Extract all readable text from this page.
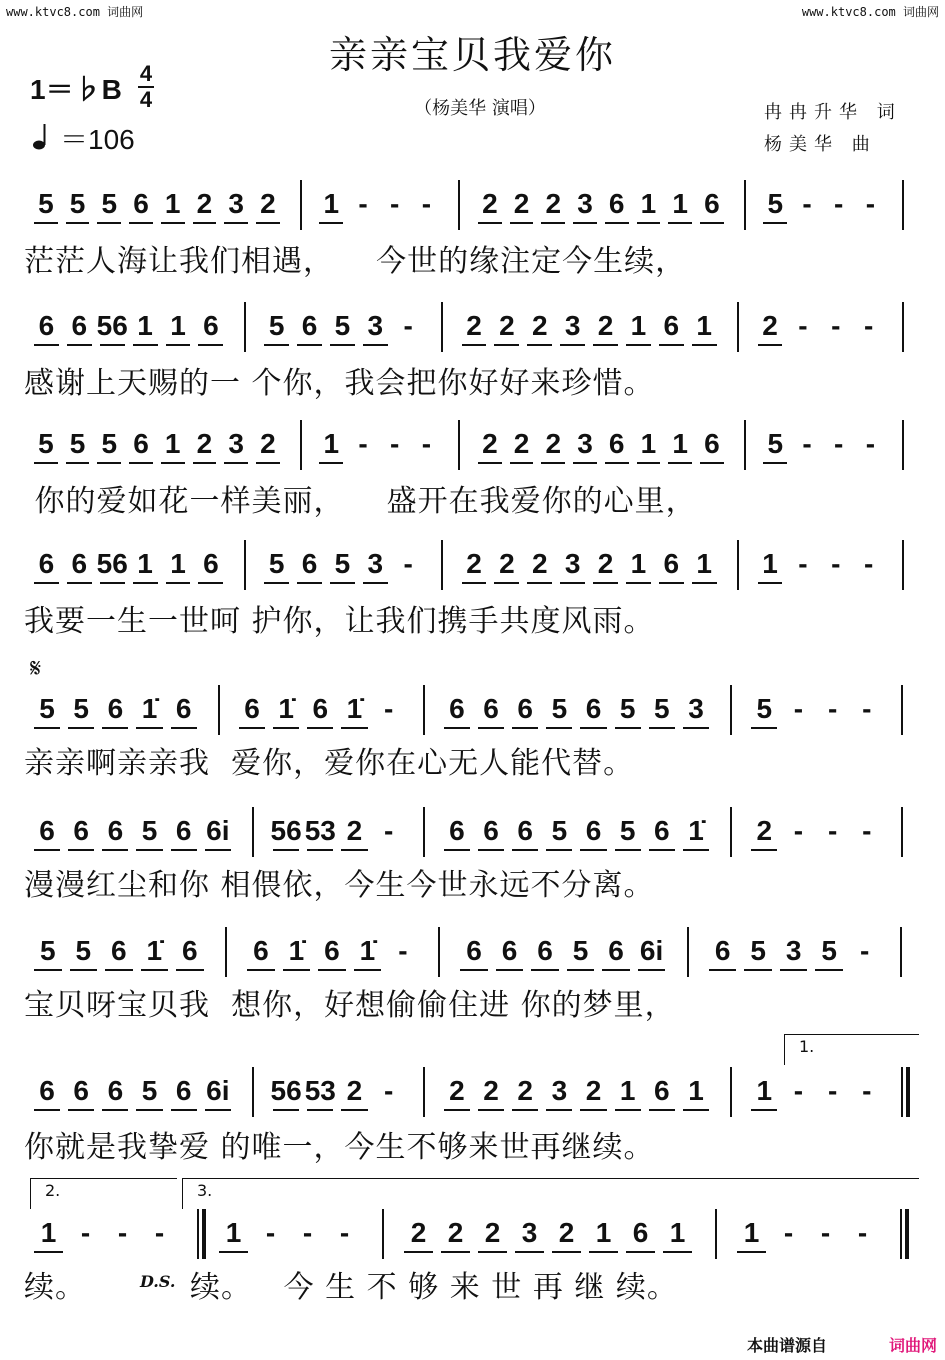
www.ktvc8.com 词曲网	www.ktvc8.com 词曲网
亲亲宝贝我爱你
（杨美华 演唱）	冉冉升华 词
杨美华 曲
1＝♭B
4
4
＝106
5 5 5 6 1 2 3 2 1 - - -	2 2 2 3 6 1 1 6 5 - - -
茫茫人海让我们相遇，    今世的缘注定今生续，
6 6 56 1 1 6	5 6 5 3 -	2 2 2 3 2 1 6 1	2 - - -
感谢上天赐的一 个你，我会把你好好来珍惜。
5 5 5 6 1 2 3 2 1 - - -	2 2 2 3 6 1 1 6 5 - - -
你的爱如花一样美丽，    盛开在我爱你的心里，
6 6 56 1 1 6	5 6 5 3 -	2 2 2 3 2 1 6 1	1 - - -
我要一生一世呵 护你，让我们携手共度风雨。
5 5 6 1̇ 6	6 1̇ 6 1̇ -	6 6 6 5 6 5 5 3	5 - - -
亲亲啊亲亲我  爱你，爱你在心无人能代替。
6 6 6 5 6 6i 56 53 2 -	6 6 6 5 6 5 6 1̇	2 - - -
漫漫红尘和你 相偎依，今生今世永远不分离。
5 5 6 1̇ 6	6 1̇ 6 1̇ -	6 6 6 5 6 6i	6 5 3 5 -
宝贝呀宝贝我  想你，好想偷偷住进 你的梦里，
6 6 6 5 6 6i 56 53 2 -	2 2 2 3 2 1 6 1	1 - - -
你就是我挚爱 的唯一，今生不够来世再继续。
1 - - -	1 - - -	2 2 2 3 2 1 6 1	1 - - -
续。	D.S. 续。   今 生 不 够 来 世 再 继 续。
1.
2.	3.
𝄋
本曲谱源自	词曲网
